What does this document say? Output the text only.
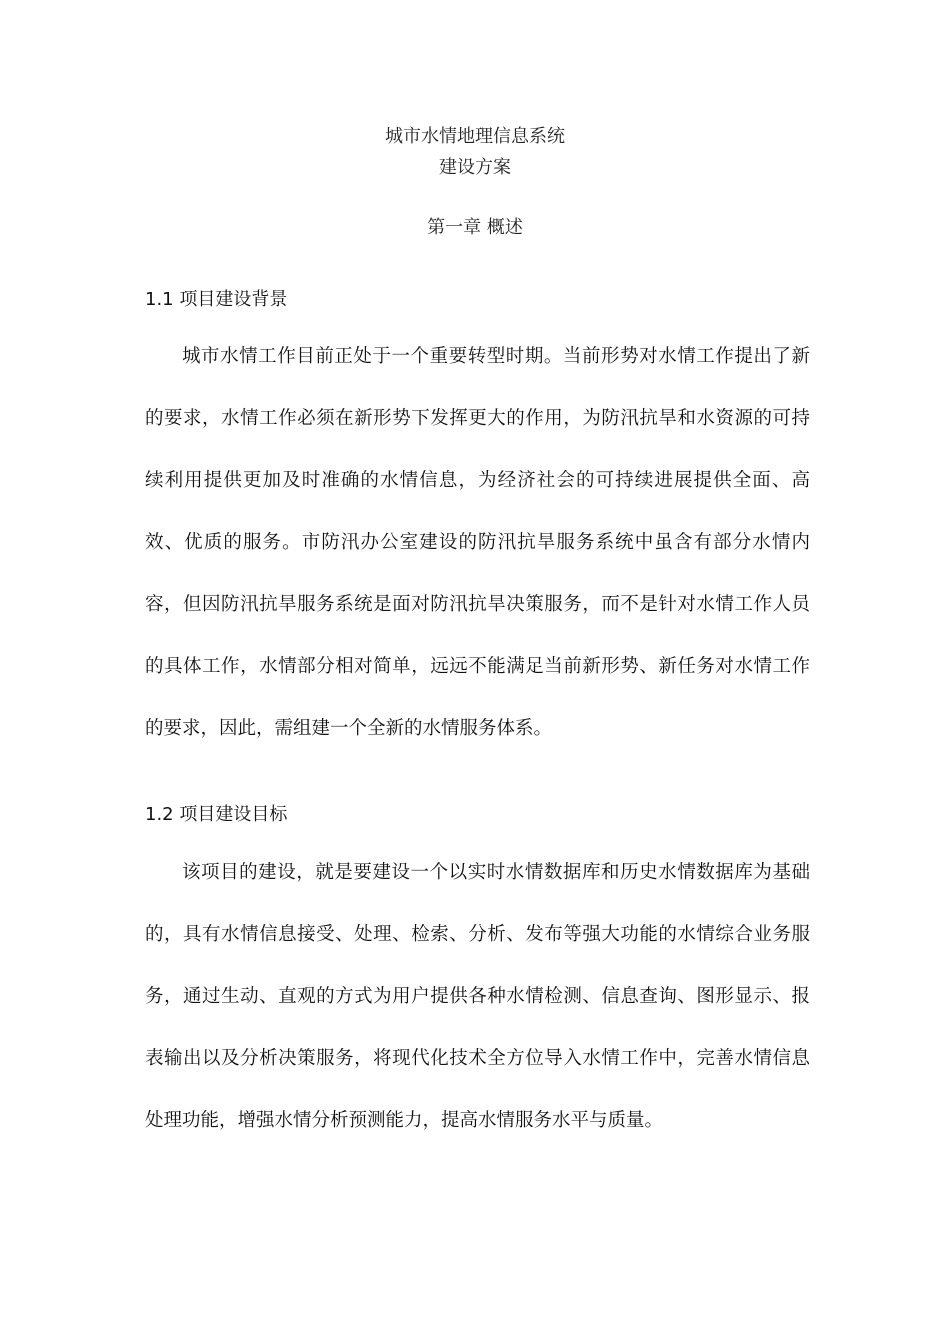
城市水情地理信息系统
建设方案
第一章 概述
1.1 项目建设背景

城市水情工作目前正处于一个重要转型时期。当前形势对水情工作提出了新的要求，水情工作必须在新形势下发挥更大的作用，为防汛抗旱和水资源的可持续利用提供更加及时准确的水情信息，为经济社会的可持续进展提供全面、高效、优质的服务。市防汛办公室建设的防汛抗旱服务系统中虽含有部分水情内容，但因防汛抗旱服务系统是面对防汛抗旱决策服务，而不是针对水情工作人员的具体工作，水情部分相对简单，远远不能满足当前新形势、新任务对水情工作的要求，因此，需组建一个全新的水情服务体系。

1.2 项目建设目标

该项目的建设，就是要建设一个以实时水情数据库和历史水情数据库为基础的，具有水情信息接受、处理、检索、分析、发布等强大功能的水情综合业务服务，通过生动、直观的方式为用户提供各种水情检测、信息查询、图形显示、报表输出以及分析决策服务，将现代化技术全方位导入水情工作中，完善水情信息处理功能，增强水情分析预测能力，提高水情服务水平与质量。
